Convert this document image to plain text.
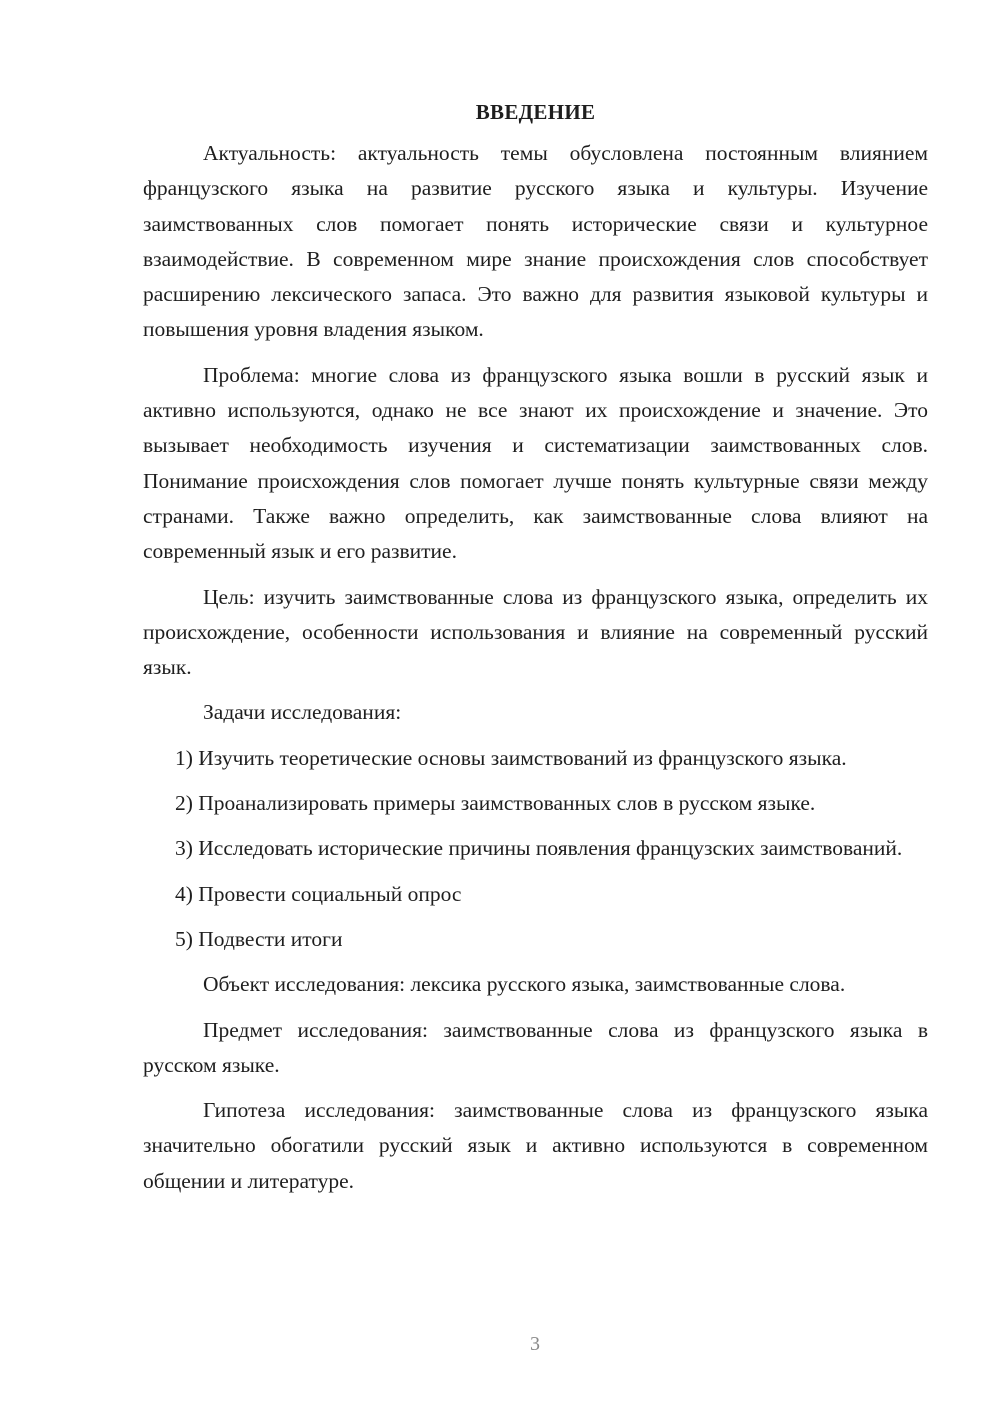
ВВЕДЕНИЕ

Актуальность: актуальность темы обусловлена постоянным влиянием французского языка на развитие русского языка и культуры. Изучение заимствованных слов помогает понять исторические связи и культурное взаимодействие. В современном мире знание происхождения слов способствует расширению лексического запаса. Это важно для развития языковой культуры и повышения уровня владения языком.

Проблема: многие слова из французского языка вошли в русский язык и активно используются, однако не все знают их происхождение и значение. Это вызывает необходимость изучения и систематизации заимствованных слов. Понимание происхождения слов помогает лучше понять культурные связи между странами. Также важно определить, как заимствованные слова влияют на современный язык и его развитие.

Цель: изучить заимствованные слова из французского языка, определить их происхождение, особенности использования и влияние на современный русский язык.

Задачи исследования:

1) Изучить теоретические основы заимствований из французского языка.

2) Проанализировать примеры заимствованных слов в русском языке.

3) Исследовать исторические причины появления французских заимствований.

4) Провести социальный опрос

5) Подвести итоги

Объект исследования: лексика русского языка, заимствованные слова.

Предмет исследования: заимствованные слова из французского языка в русском языке.

Гипотеза исследования: заимствованные слова из французского языка значительно обогатили русский язык и активно используются в современном общении и литературе.

3
